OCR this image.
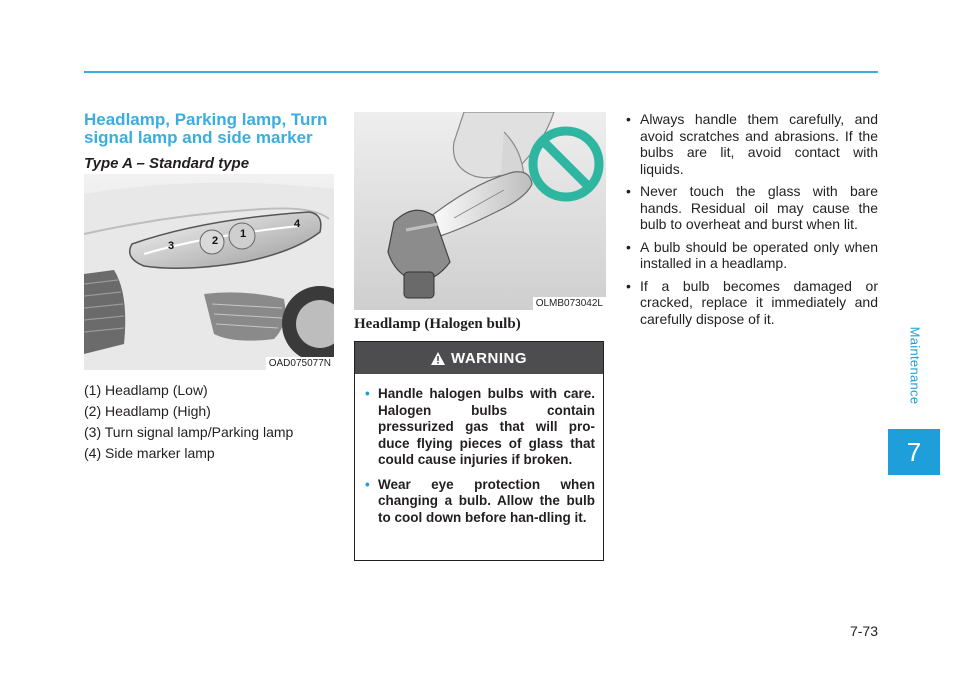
Headlamp, Parking lamp, Turn signal lamp and side marker

Type A – Standard type

1
2
3
4
OAD075077N
(1) Headlamp (Low)
(2) Headlamp (High)
(3) Turn signal lamp/Parking lamp
(4) Side marker lamp
OLMB073042L
Headlamp (Halogen bulb)
WARNING
• Handle halogen bulbs with care. Halogen bulbs contain pressurized gas that will pro-duce flying pieces of glass that could cause injuries if broken.
• Wear eye protection when changing a bulb. Allow the bulb to cool down before han-dling it.
• Always handle them carefully, and avoid scratches and abrasions. If the bulbs are lit, avoid contact with liquids.
• Never touch the glass with bare hands. Residual oil may cause the bulb to overheat and burst when lit.
• A bulb should be operated only when installed in a headlamp.
• If a bulb becomes damaged or cracked, replace it immediately and carefully dispose of it.
Maintenance
7
7-73
